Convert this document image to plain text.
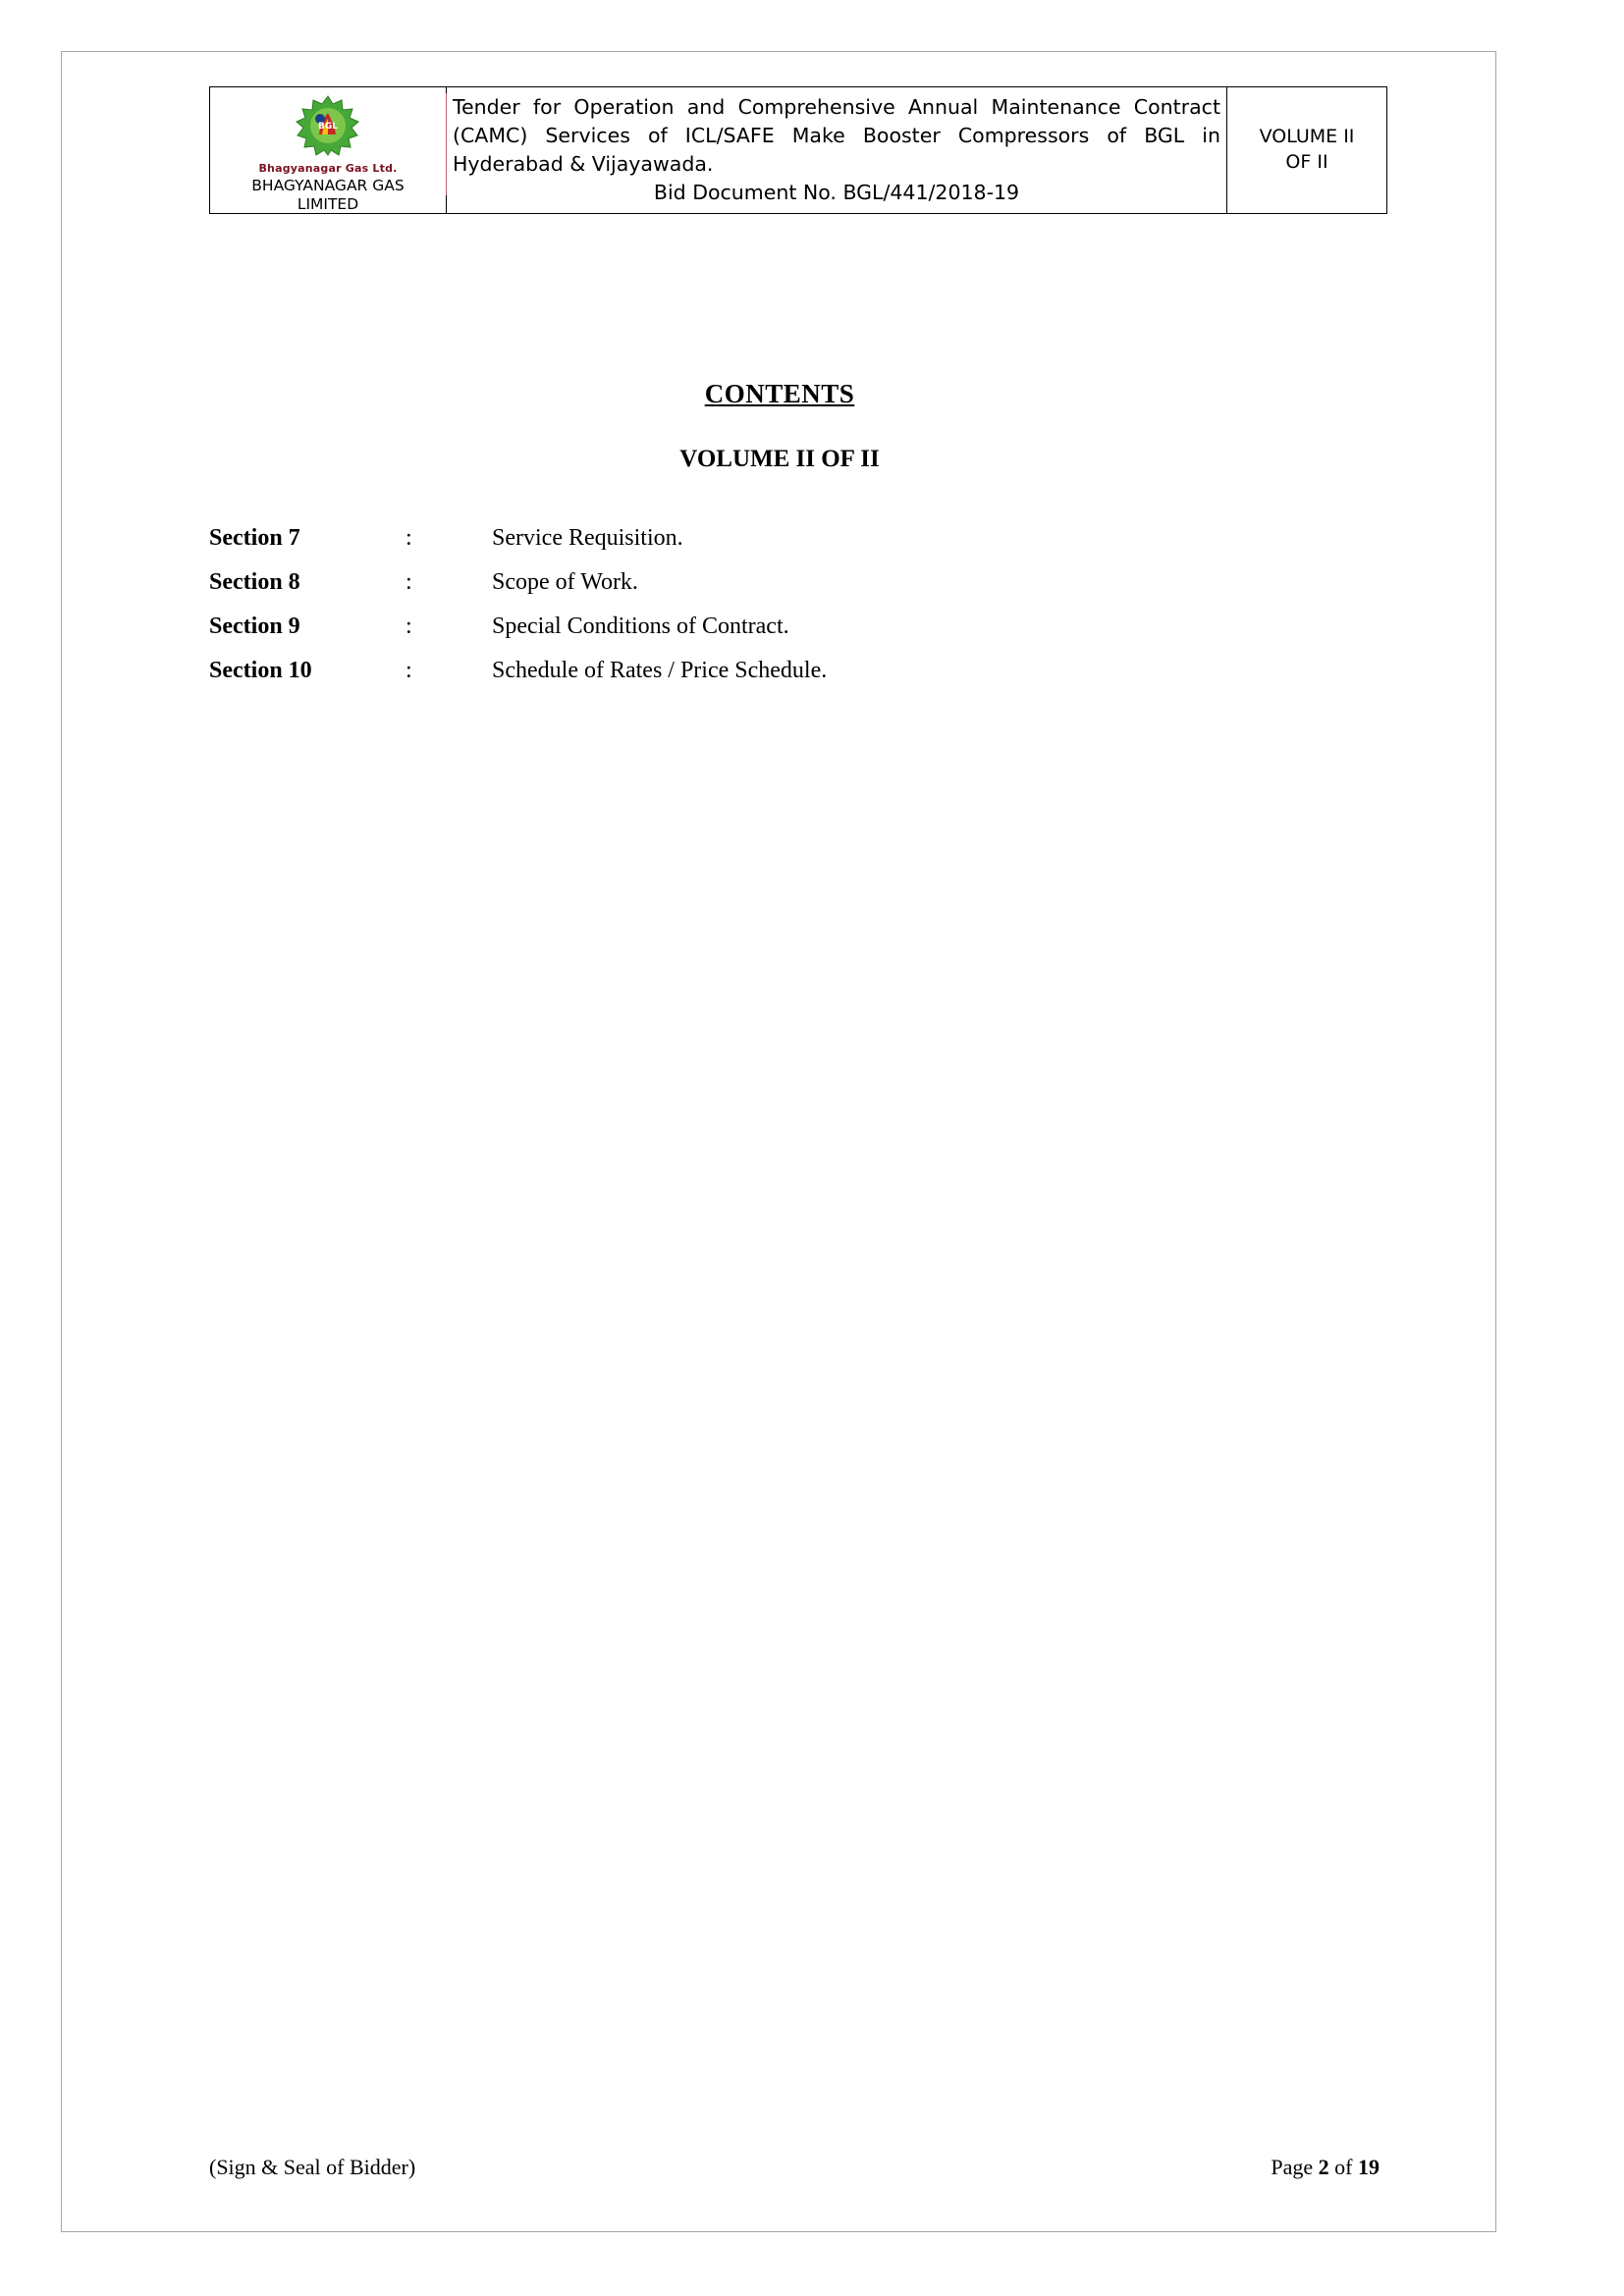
BGL
Bhagyanagar Gas Ltd.
BHAGYANAGAR GAS
LIMITED

Tender for Operation and Comprehensive Annual Maintenance Contract (CAMC) Services of ICL/SAFE Make Booster Compressors of BGL in Hyderabad & Vijayawada.
Bid Document No. BGL/441/2018-19

VOLUME II
OF II
CONTENTS
VOLUME II OF II
Section 7	:	Service Requisition.
Section 8	:	Scope of Work.
Section 9	:	Special Conditions of Contract.
Section 10	:	Schedule of Rates / Price Schedule.
(Sign & Seal of Bidder)	Page 2 of 19
